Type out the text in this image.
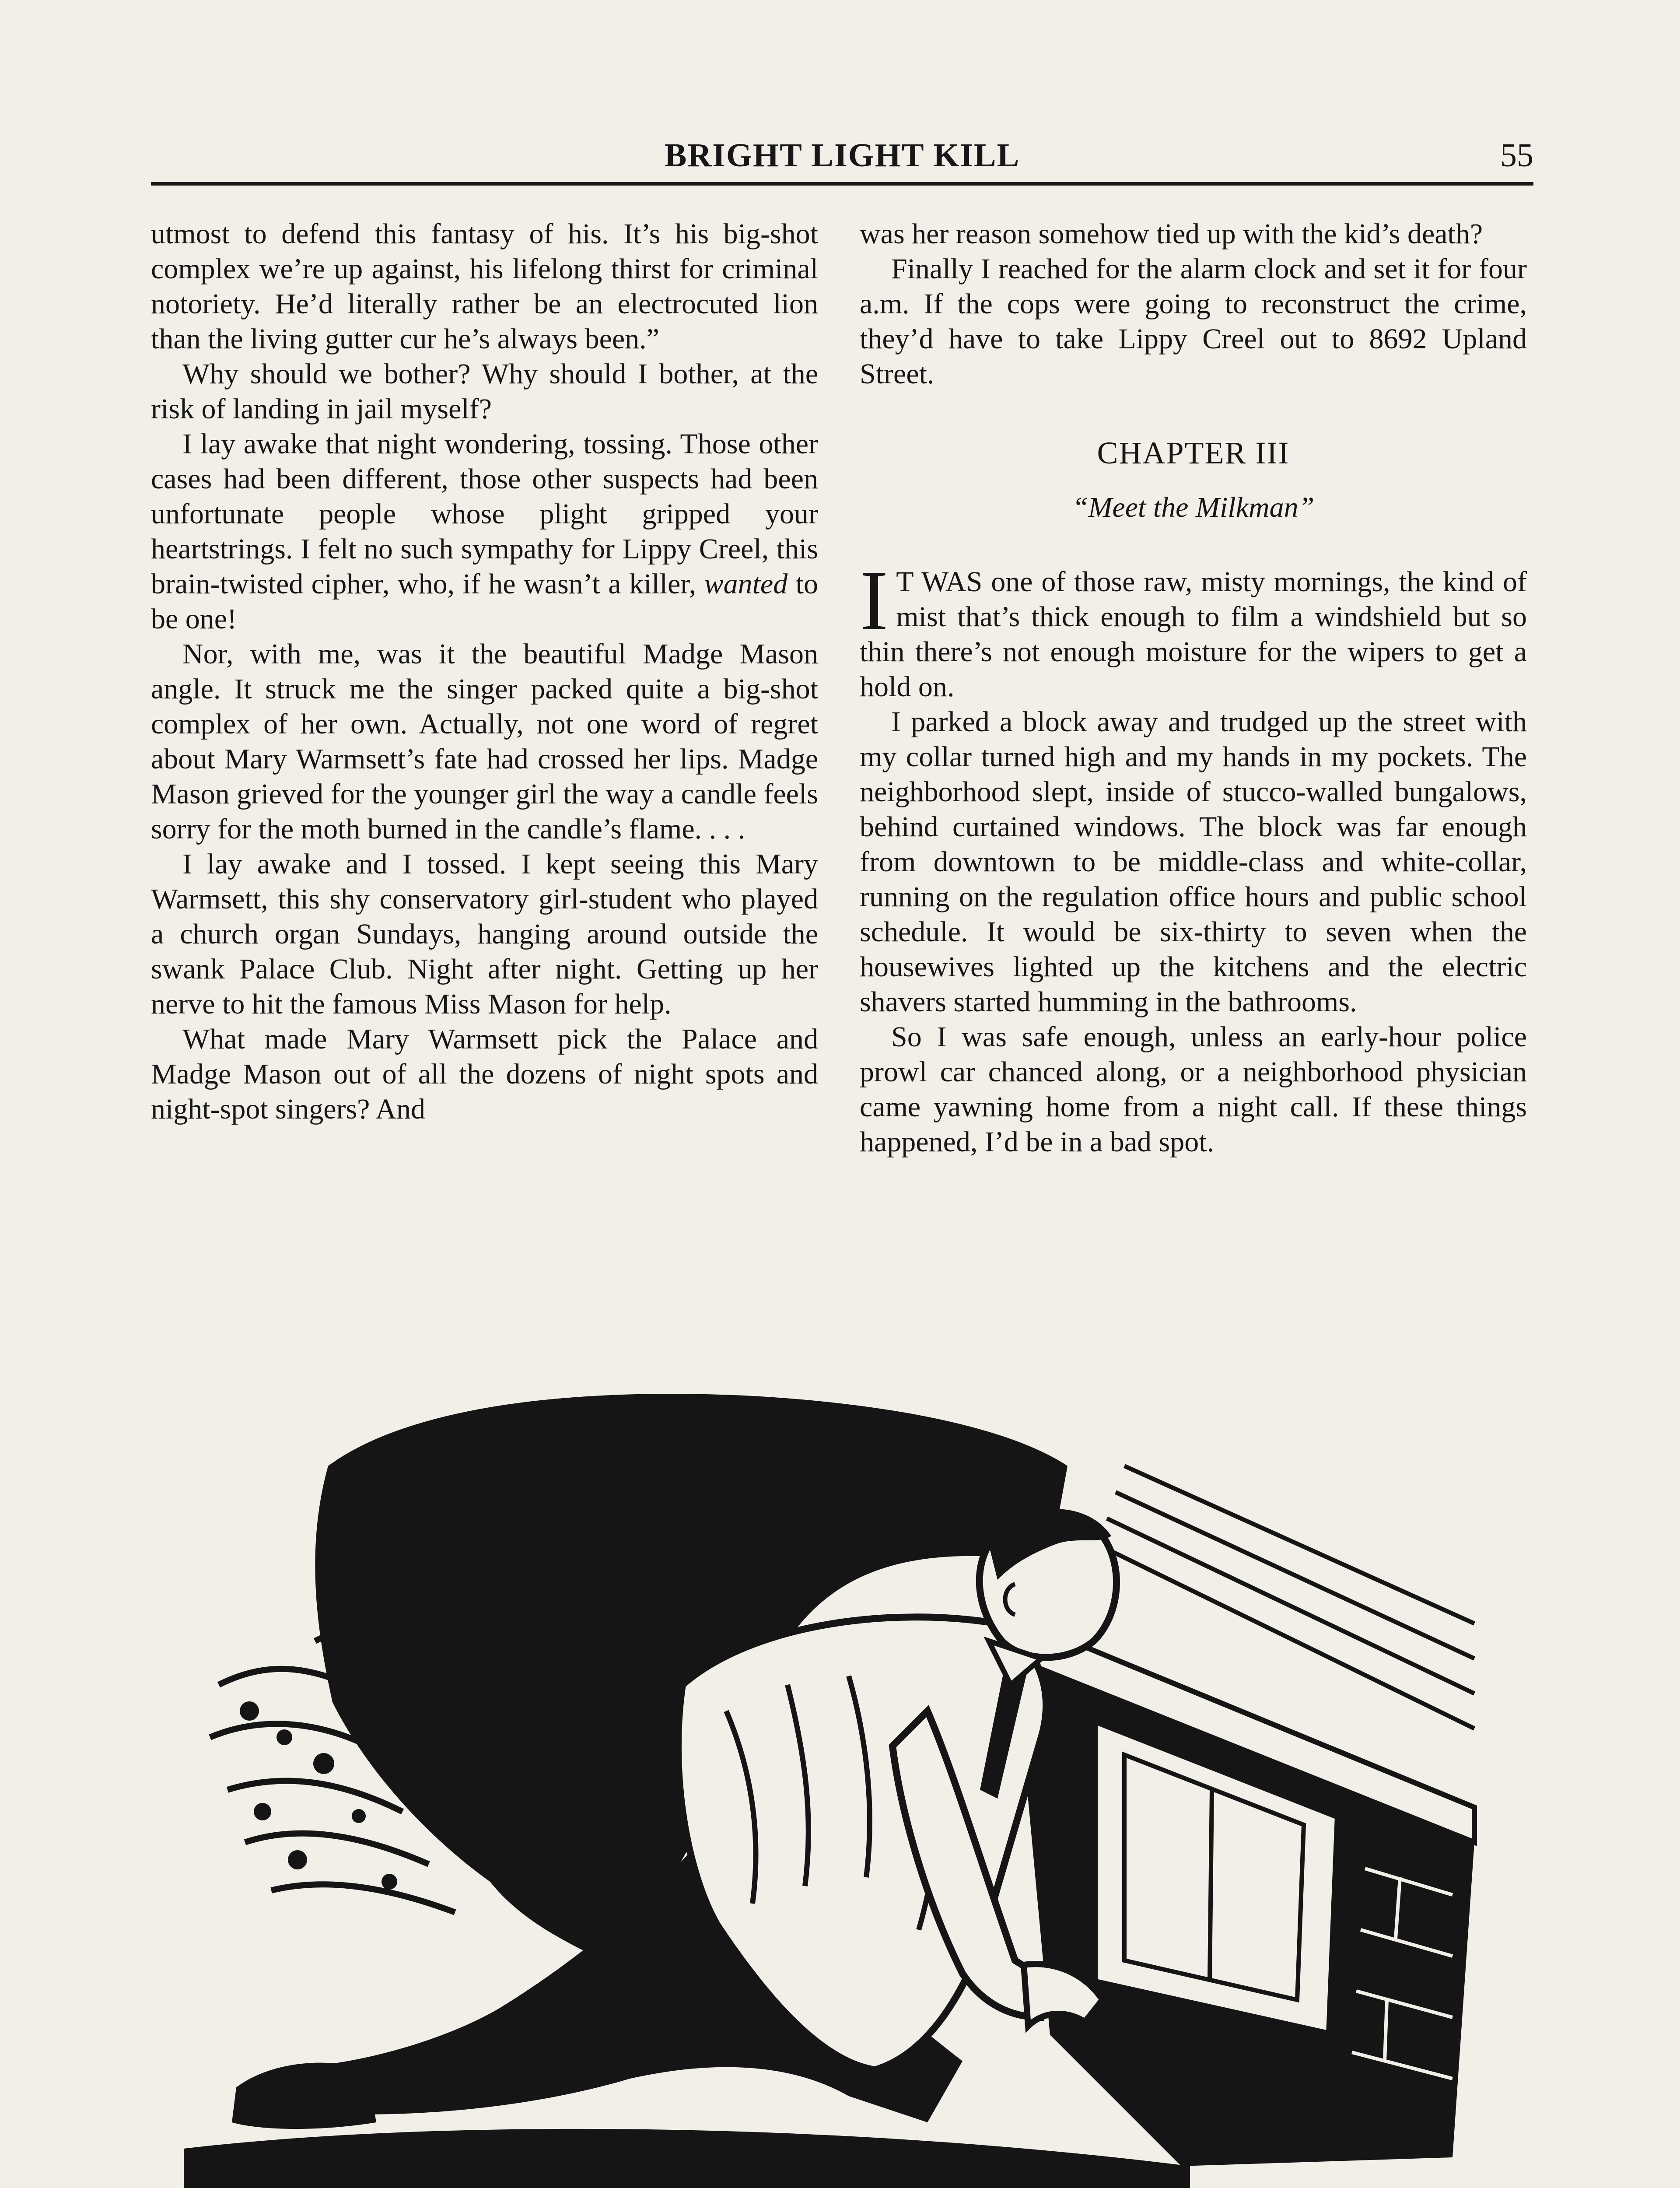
BRIGHT LIGHT KILL	55

utmost to defend this fantasy of his. It’s his big-shot complex we’re up against, his lifelong thirst for criminal notoriety. He’d literally rather be an electrocuted lion than the living gutter cur he’s always been.”

Why should we bother? Why should I bother, at the risk of landing in jail myself?

I lay awake that night wondering, tossing. Those other cases had been different, those other suspects had been unfortunate people whose plight gripped your heartstrings. I felt no such sympathy for Lippy Creel, this brain-twisted cipher, who, if he wasn’t a killer, wanted to be one!

Nor, with me, was it the beautiful Madge Mason angle. It struck me the singer packed quite a big-shot complex of her own. Actually, not one word of regret about Mary Warmsett’s fate had crossed her lips. Madge Mason grieved for the younger girl the way a candle feels sorry for the moth burned in the candle’s flame. . . .

I lay awake and I tossed. I kept seeing this Mary Warmsett, this shy conservatory girl-student who played a church organ Sundays, hanging around outside the swank Palace Club. Night after night. Getting up her nerve to hit the famous Miss Mason for help.

What made Mary Warmsett pick the Palace and Madge Mason out of all the dozens of night spots and night-spot singers? And

was her reason somehow tied up with the kid’s death?

Finally I reached for the alarm clock and set it for four a.m. If the cops were going to reconstruct the crime, they’d have to take Lippy Creel out to 8692 Upland Street.

CHAPTER III
“Meet the Milkman”

I T WAS one of those raw, misty mornings, the kind of mist that’s thick enough to film a windshield but so thin there’s not enough moisture for the wipers to get a hold on.

I parked a block away and trudged up the street with my collar turned high and my hands in my pockets. The neighborhood slept, inside of stucco-walled bungalows, behind curtained windows. The block was far enough from downtown to be middle-class and white-collar, running on the regulation office hours and public school schedule. It would be six-thirty to seven when the housewives lighted up the kitchens and the electric shavers started humming in the bathrooms.

So I was safe enough, unless an early-hour police prowl car chanced along, or a neighborhood physician came yawning home from a night call. If these things happened, I’d be in a bad spot.
